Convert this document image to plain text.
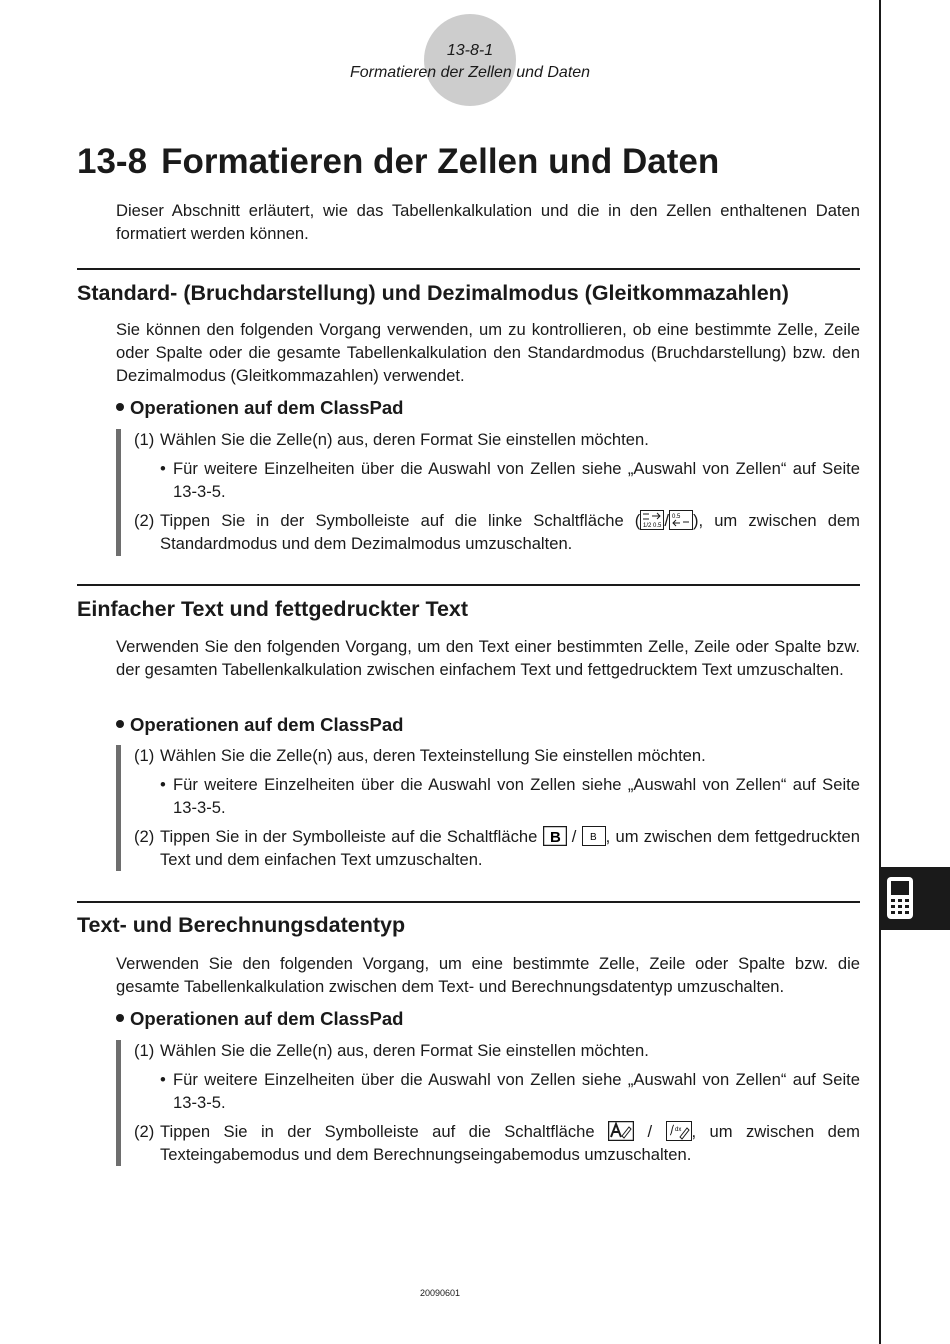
13-8-1
Formatieren der Zellen und Daten
13-8 Formatieren der Zellen und Daten

Dieser Abschnitt erläutert, wie das Tabellenkalkulation und die in den Zellen enthaltenen Daten formatiert werden können.

Standard- (Bruchdarstellung) und Dezimalmodus (Gleitkommazahlen)

Sie können den folgenden Vorgang verwenden, um zu kontrollieren, ob eine bestimmte Zelle, Zeile oder Spalte oder die gesamte Tabellenkalkulation den Standardmodus (Bruchdarstellung) bzw. den Dezimalmodus (Gleitkommazahlen) verwendet.

Operationen auf dem ClassPad
(1) Wählen Sie die Zelle(n) aus, deren Format Sie einstellen möchten.
• Für weitere Einzelheiten über die Auswahl von Zellen siehe „Auswahl von Zellen“ auf Seite 13-3-5.
(2) Tippen Sie in der Symbolleiste auf die linke Schaltfläche ( 1/2 0.5 / 0.5 ), um zwischen dem Standardmodus und dem Dezimalmodus umzuschalten.
Einfacher Text und fettgedruckter Text

Verwenden Sie den folgenden Vorgang, um den Text einer bestimmten Zelle, Zeile oder Spalte bzw. der gesamten Tabellenkalkulation zwischen einfachem Text und fettgedrucktem Text umzuschalten.

Operationen auf dem ClassPad
(1) Wählen Sie die Zelle(n) aus, deren Texteinstellung Sie einstellen möchten.
• Für weitere Einzelheiten über die Auswahl von Zellen siehe „Auswahl von Zellen“ auf Seite 13-3-5.
(2) Tippen Sie in der Symbolleiste auf die Schaltfläche B / B , um zwischen dem fettgedruckten Text und dem einfachen Text umzuschalten.
Text- und Berechnungsdatentyp

Verwenden Sie den folgenden Vorgang, um eine bestimmte Zelle, Zeile oder Spalte bzw. die gesamte Tabellenkalkulation zwischen dem Text- und Berechnungsdatentyp umzuschalten.

Operationen auf dem ClassPad
(1) Wählen Sie die Zelle(n) aus, deren Format Sie einstellen möchten.
• Für weitere Einzelheiten über die Auswahl von Zellen siehe „Auswahl von Zellen“ auf Seite 13-3-5.
(2) Tippen Sie in der Symbolleiste auf die Schaltfläche	/	dx , um zwischen dem Texteingabemodus und dem Berechnungseingabemodus umzuschalten.
20090601
